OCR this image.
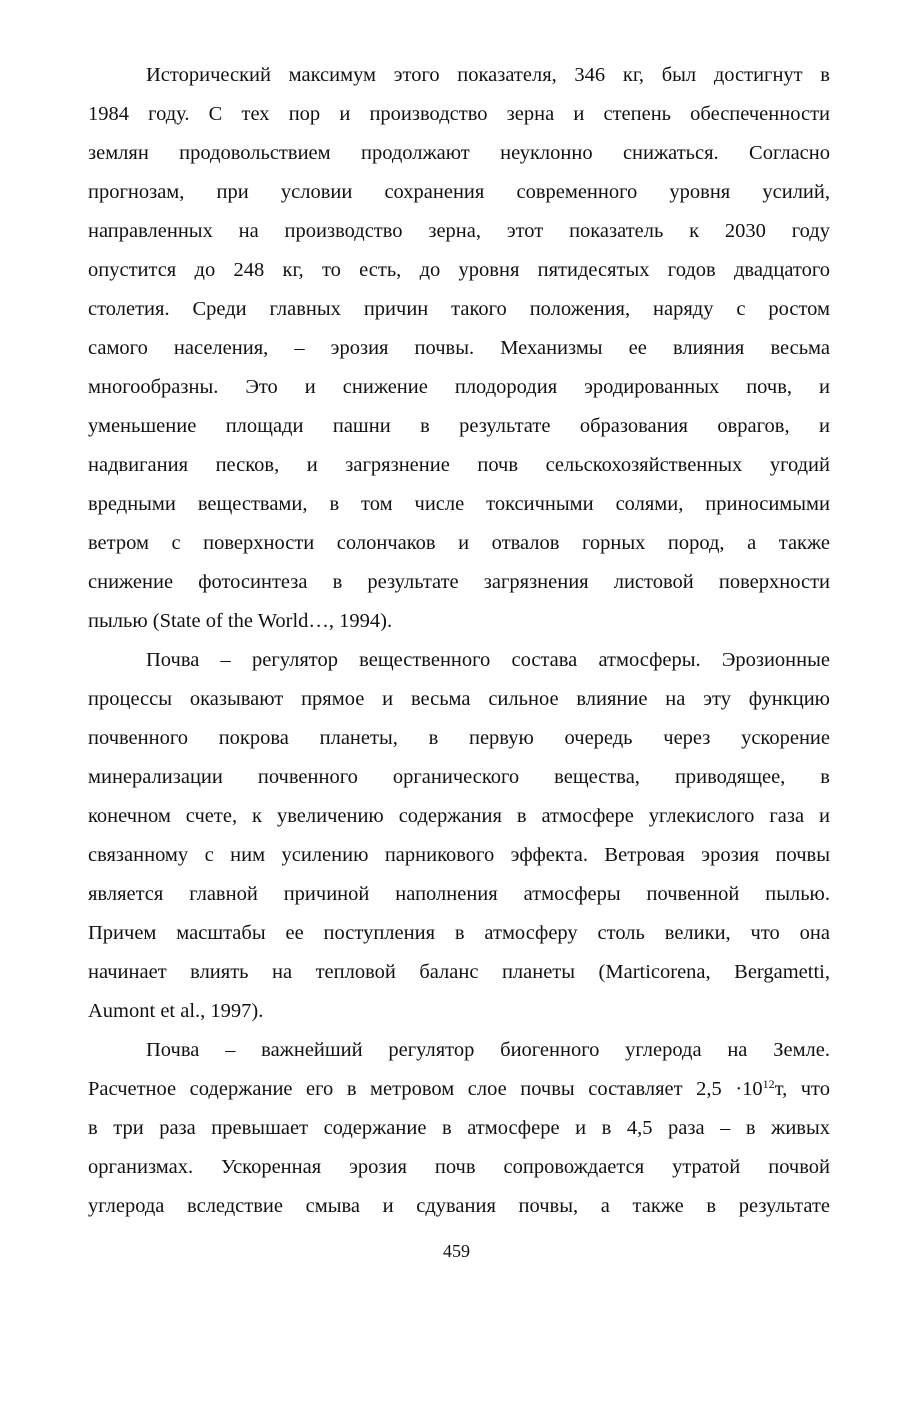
Исторический максимум этого показателя, 346 кг, был достигнут в
1984 году. С тех пор и производство зерна и степень обеспеченности
землян продовольствием продолжают неуклонно снижаться. Согласно
прогнозам, при условии сохранения современного уровня усилий,
направленных на производство зерна, этот показатель к 2030 году
опустится до 248 кг, то есть, до уровня пятидесятых годов двадцатого
столетия. Среди главных причин такого положения, наряду с ростом
самого населения, – эрозия почвы. Механизмы ее влияния весьма
многообразны. Это и снижение плодородия эродированных почв, и
уменьшение площади пашни в результате образования оврагов, и
надвигания песков, и загрязнение почв сельскохозяйственных угодий
вредными веществами, в том числе токсичными солями, приносимыми
ветром с поверхности солончаков и отвалов горных пород, а также
снижение фотосинтеза в результате загрязнения листовой поверхности
пылью (State of the World…, 1994).
Почва – регулятор вещественного состава атмосферы. Эрозионные
процессы оказывают прямое и весьма сильное влияние на эту функцию
почвенного покрова планеты, в первую очередь через ускорение
минерализации почвенного органического вещества, приводящее, в
конечном счете, к увеличению содержания в атмосфере углекислого газа и
связанному с ним усилению парникового эффекта. Ветровая эрозия почвы
является главной причиной наполнения атмосферы почвенной пылью.
Причем масштабы ее поступления в атмосферу столь велики, что она
начинает влиять на тепловой баланс планеты (Marticorena, Bergametti,
Aumont et al., 1997).
Почва – важнейший регулятор биогенного углерода на Земле.
Расчетное содержание его в метровом слое почвы составляет $2,5 \cdot 10^{12}т$, что
в три раза превышает содержание в атмосфере и в 4,5 раза – в живых
организмах. Ускоренная эрозия почв сопровождается утратой почвой
углерода вследствие смыва и сдувания почвы, а также в результате
459
